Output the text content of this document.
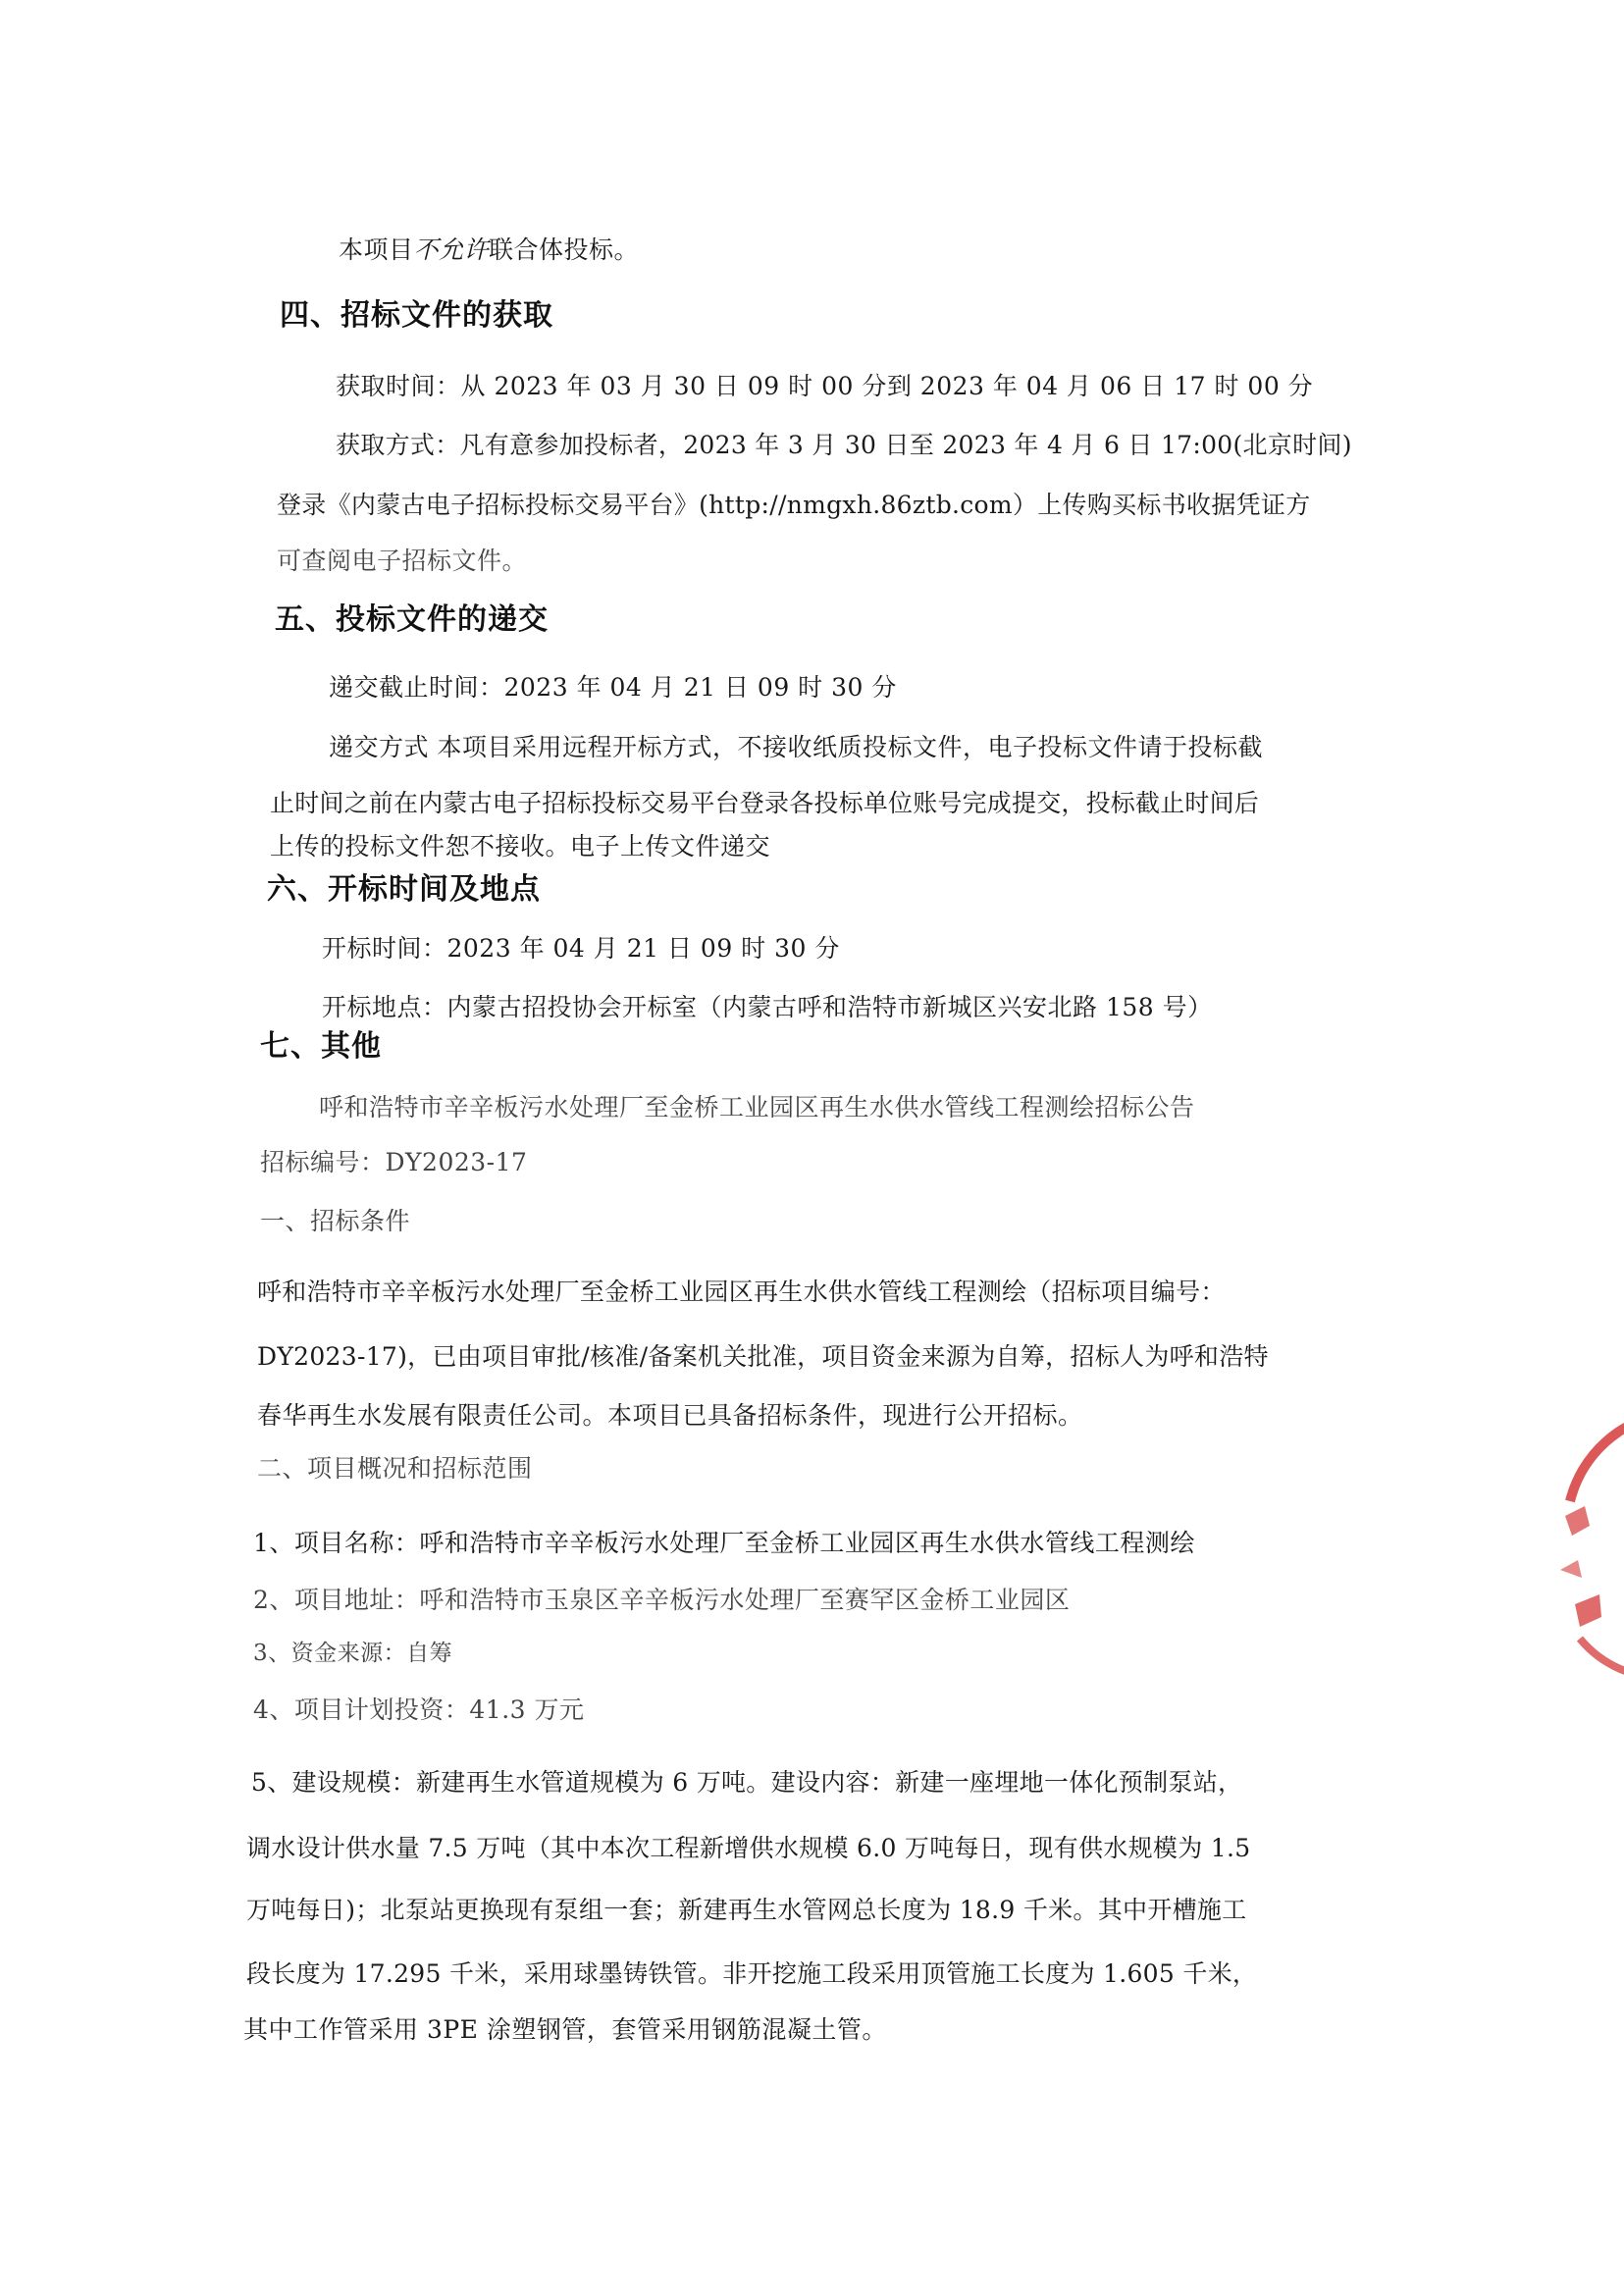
本项目不允许联合体投标。
四、招标文件的获取
获取时间：从 2023 年 03 月 30 日 09 时 00 分到 2023 年 04 月 06 日 17 时 00 分
获取方式：凡有意参加投标者，2023 年 3 月 30 日至 2023 年 4 月 6 日 17:00(北京时间)
登录《内蒙古电子招标投标交易平台》(http://nmgxh.86ztb.com）上传购买标书收据凭证方
可查阅电子招标文件。
五、投标文件的递交
递交截止时间：2023 年 04 月 21 日 09 时 30 分
递交方式 本项目采用远程开标方式，不接收纸质投标文件，电子投标文件请于投标截
止时间之前在内蒙古电子招标投标交易平台登录各投标单位账号完成提交，投标截止时间后
上传的投标文件恕不接收。电子上传文件递交
六、开标时间及地点
开标时间：2023 年 04 月 21 日 09 时 30 分
开标地点：内蒙古招投协会开标室（内蒙古呼和浩特市新城区兴安北路 158 号）
七、其他
呼和浩特市辛辛板污水处理厂至金桥工业园区再生水供水管线工程测绘招标公告
招标编号：DY2023-17
一、招标条件
呼和浩特市辛辛板污水处理厂至金桥工业园区再生水供水管线工程测绘（招标项目编号：
DY2023-17)，已由项目审批/核准/备案机关批准，项目资金来源为自筹，招标人为呼和浩特
春华再生水发展有限责任公司。本项目已具备招标条件，现进行公开招标。
二、项目概况和招标范围
1、项目名称：呼和浩特市辛辛板污水处理厂至金桥工业园区再生水供水管线工程测绘
2、项目地址：呼和浩特市玉泉区辛辛板污水处理厂至赛罕区金桥工业园区
3、资金来源：自筹
4、项目计划投资：41.3 万元
5、建设规模：新建再生水管道规模为 6 万吨。建设内容：新建一座埋地一体化预制泵站，
调水设计供水量 7.5 万吨（其中本次工程新增供水规模 6.0 万吨每日，现有供水规模为 1.5
万吨每日)；北泵站更换现有泵组一套；新建再生水管网总长度为 18.9 千米。其中开槽施工
段长度为 17.295 千米，采用球墨铸铁管。非开挖施工段采用顶管施工长度为 1.605 千米，
其中工作管采用 3PE 涂塑钢管，套管采用钢筋混凝土管。
